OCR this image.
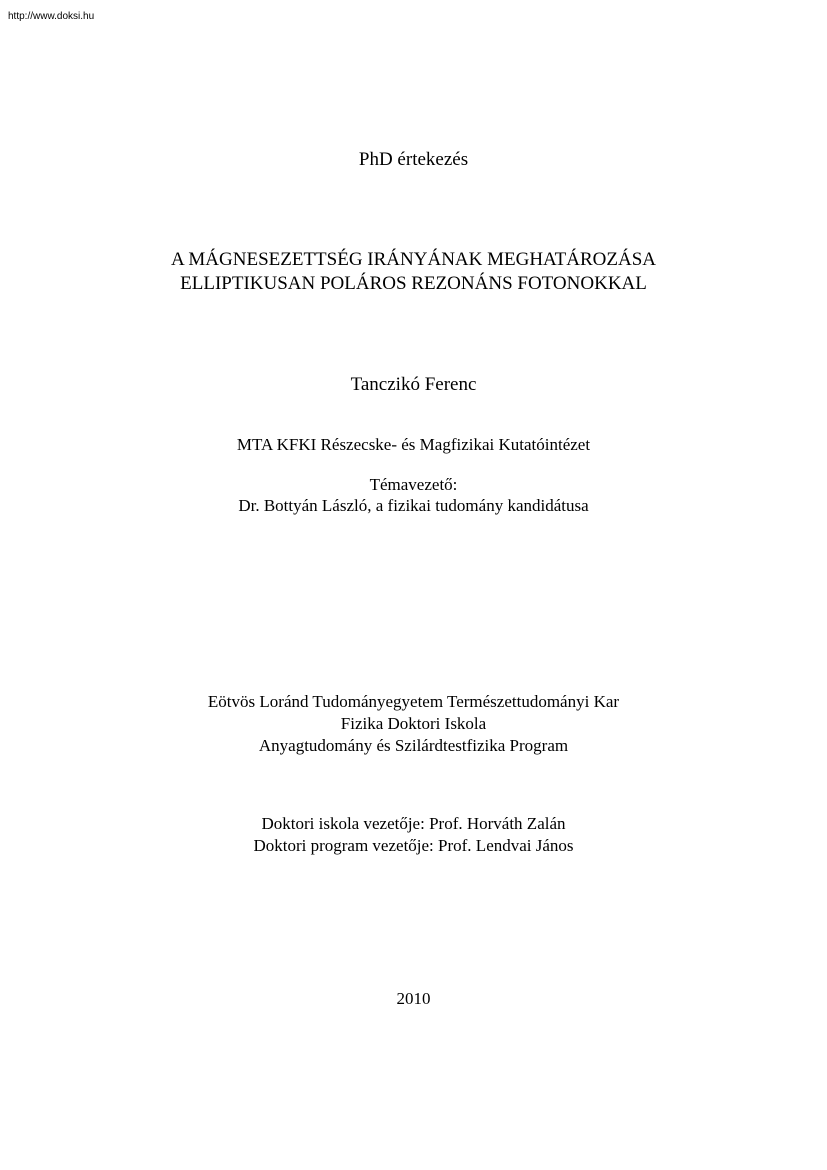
http://www.doksi.hu
PhD értekezés
A MÁGNESEZETTSÉG IRÁNYÁNAK MEGHATÁROZÁSA
ELLIPTIKUSAN POLÁROS REZONÁNS FOTONOKKAL
Tanczikó Ferenc
MTA KFKI Részecske- és Magfizikai Kutatóintézet
Témavezető:
Dr. Bottyán László, a fizikai tudomány kandidátusa
Eötvös Loránd Tudományegyetem Természettudományi Kar
Fizika Doktori Iskola
Anyagtudomány és Szilárdtestfizika Program
Doktori iskola vezetője: Prof. Horváth Zalán
Doktori program vezetője: Prof. Lendvai János
2010
